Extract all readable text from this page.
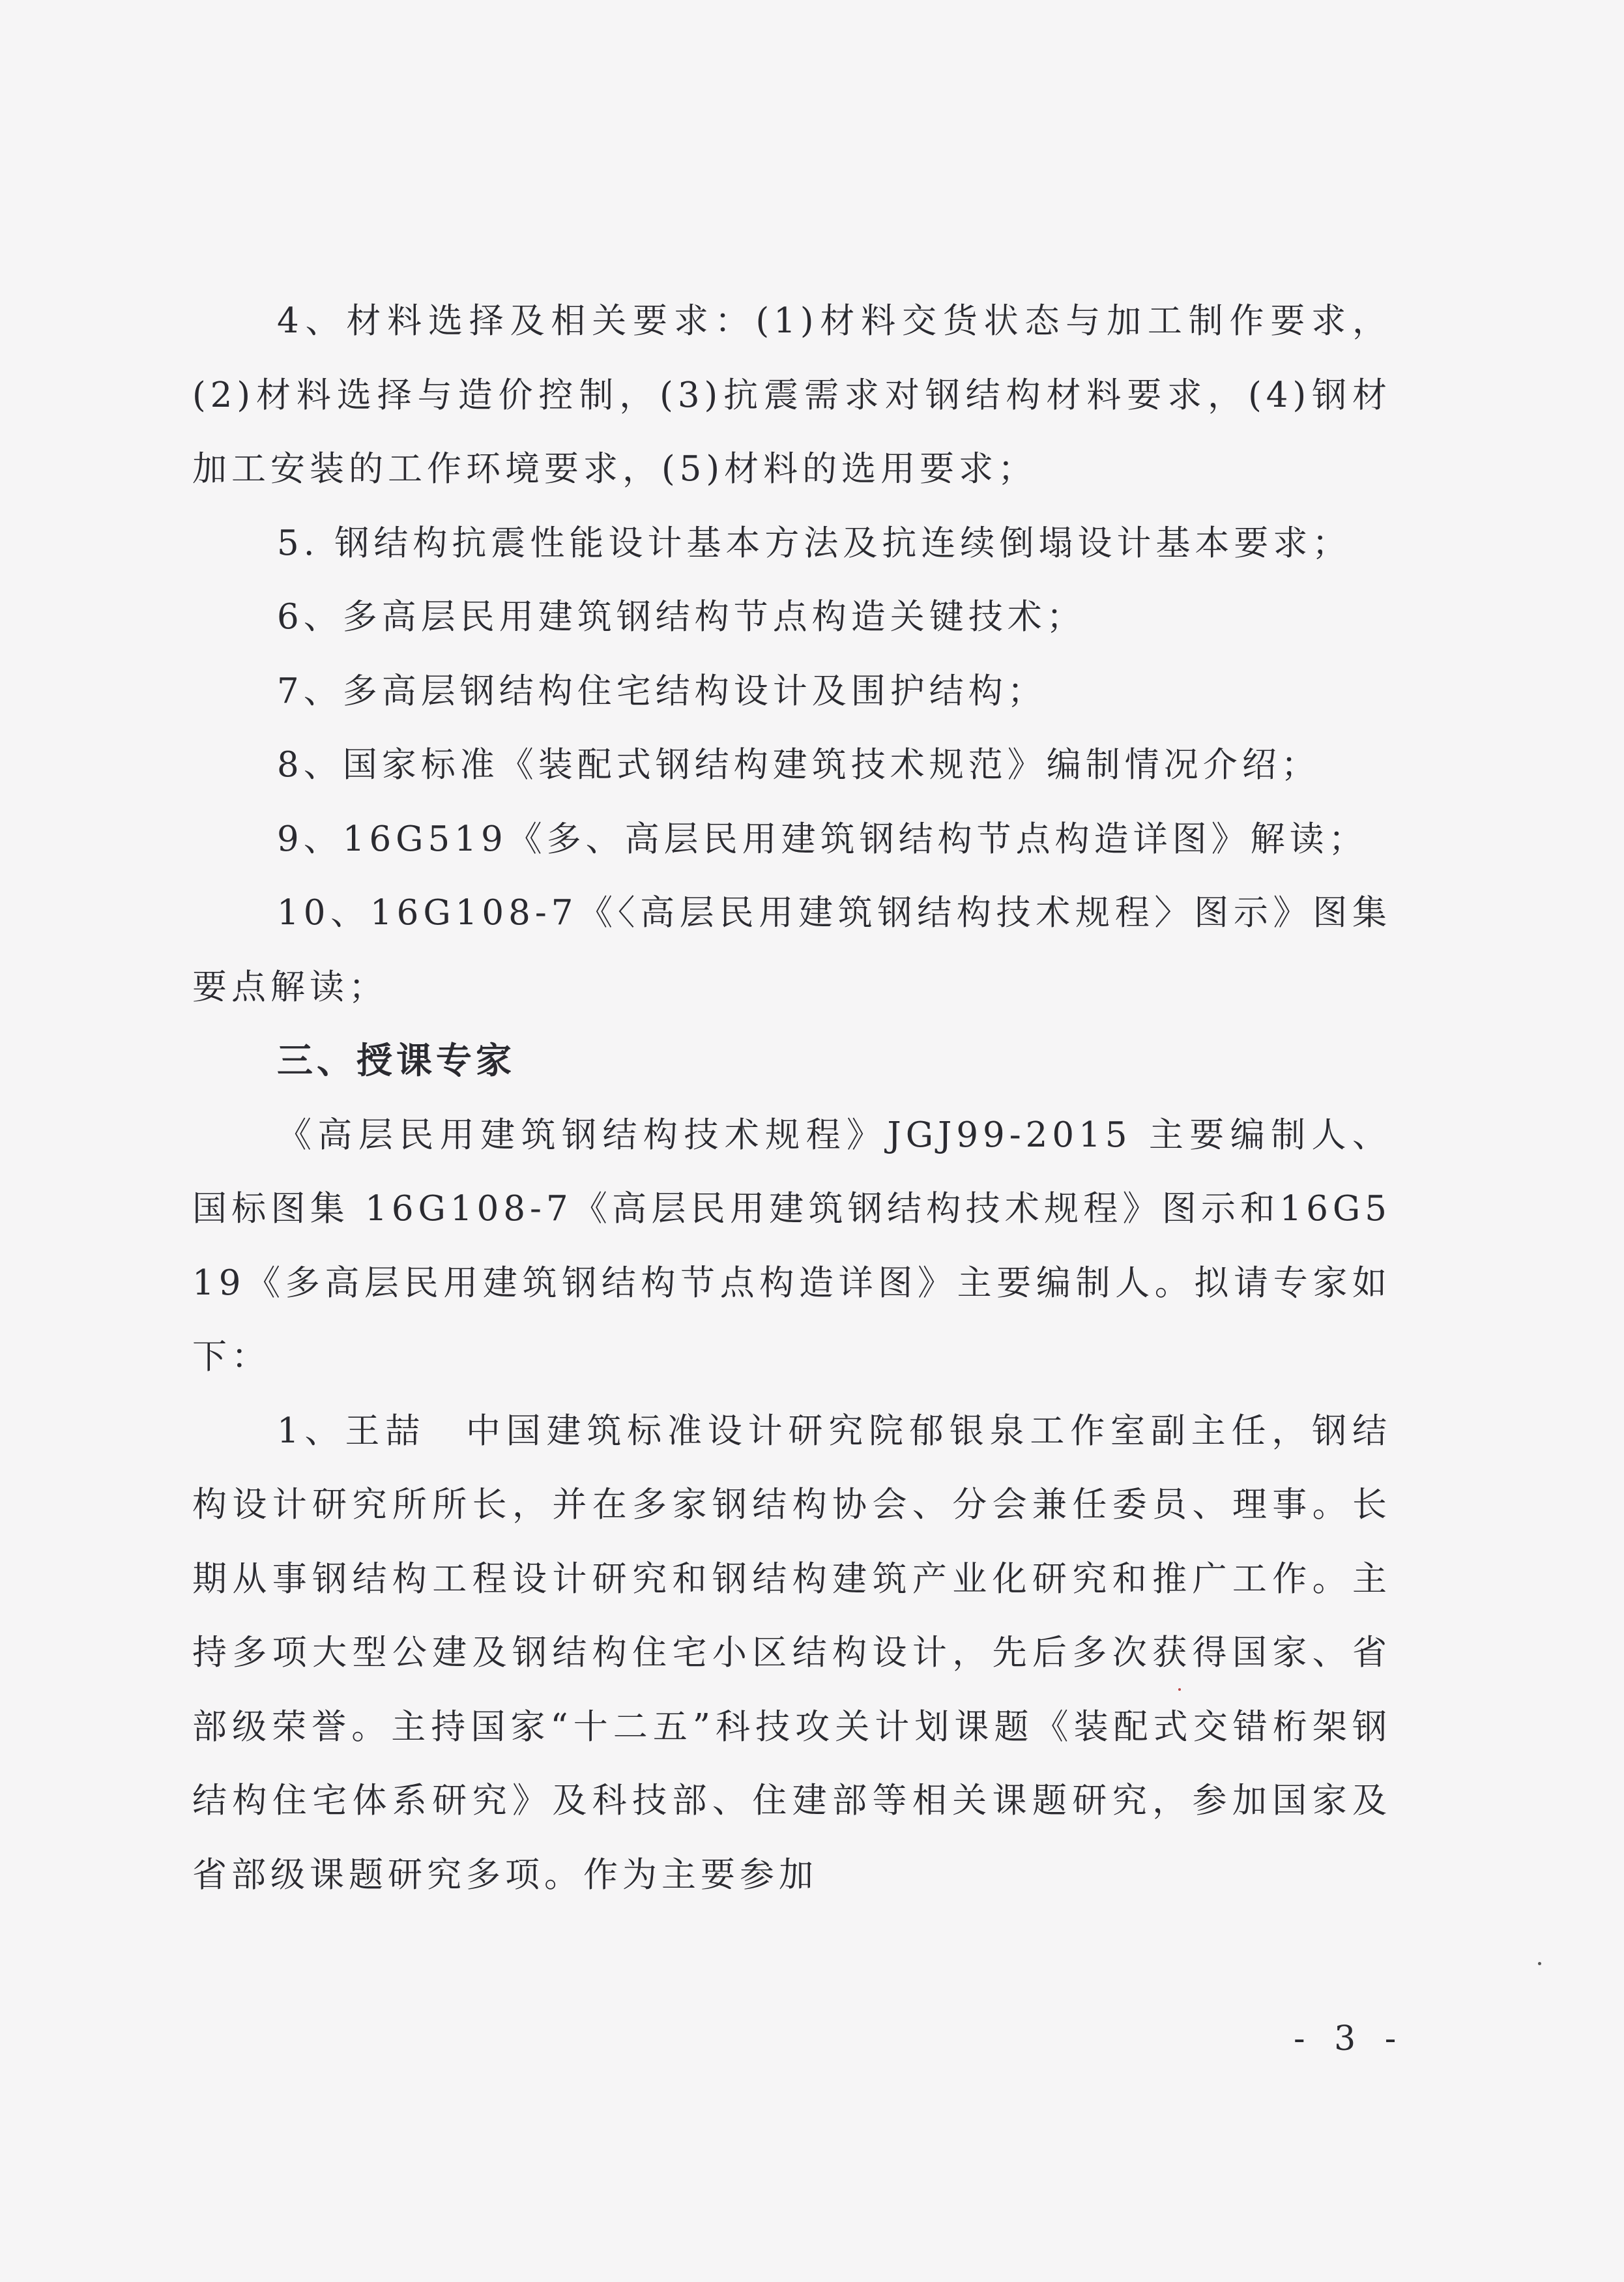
4、材料选择及相关要求：(1)材料交货状态与加工制作要求，(2)材料选择与造价控制，(3)抗震需求对钢结构材料要求，(4)钢材加工安装的工作环境要求，(5)材料的选用要求；

5. 钢结构抗震性能设计基本方法及抗连续倒塌设计基本要求；

6、多高层民用建筑钢结构节点构造关键技术；

7、多高层钢结构住宅结构设计及围护结构；

8、国家标准《装配式钢结构建筑技术规范》编制情况介绍；

9、16G519《多、高层民用建筑钢结构节点构造详图》解读；

10、16G108-7《〈高层民用建筑钢结构技术规程〉图示》图集要点解读；

三、授课专家

《高层民用建筑钢结构技术规程》JGJ99-2015 主要编制人、国标图集 16G108-7《高层民用建筑钢结构技术规程》图示和16G519《多高层民用建筑钢结构节点构造详图》主要编制人。拟请专家如下：

1、王喆　中国建筑标准设计研究院郁银泉工作室副主任，钢结构设计研究所所长，并在多家钢结构协会、分会兼任委员、理事。长期从事钢结构工程设计研究和钢结构建筑产业化研究和推广工作。主持多项大型公建及钢结构住宅小区结构设计，先后多次获得国家、省部级荣誉。主持国家“十二五”科技攻关计划课题《装配式交错桁架钢结构住宅体系研究》及科技部、住建部等相关课题研究，参加国家及省部级课题研究多项。作为主要参加

- 3 -
